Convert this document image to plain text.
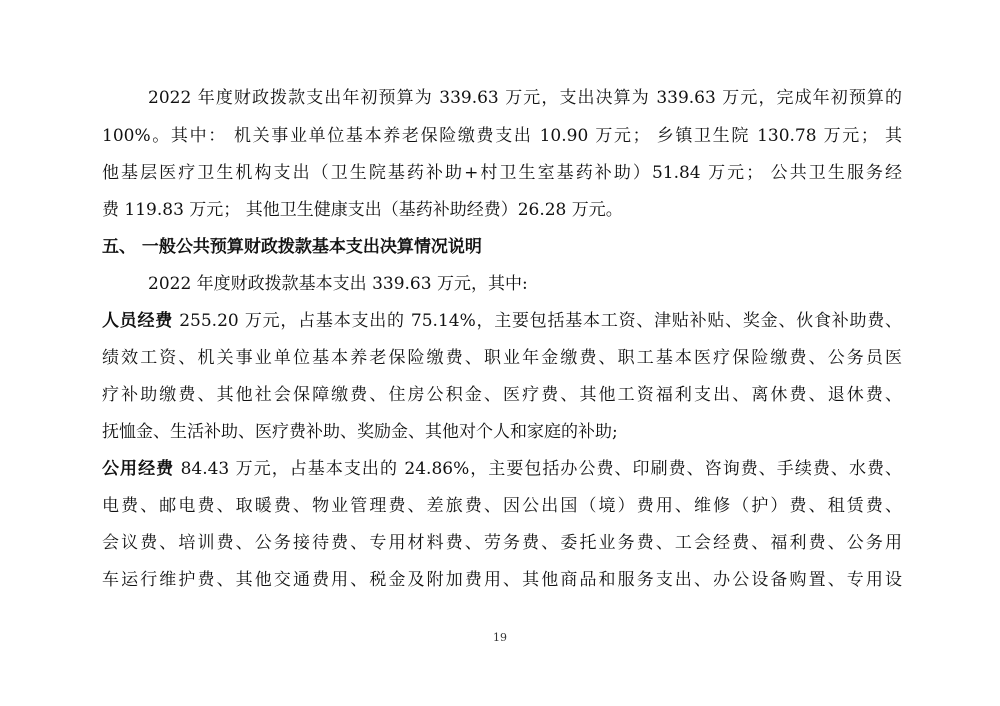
2022 年度财政拨款支出年初预算为 339.63 万元，支出决算为 339.63 万元，完成年初预算的
100%。其中： 机关事业单位基本养老保险缴费支出 10.90 万元； 乡镇卫生院 130.78 万元； 其
他基层医疗卫生机构支出（卫生院基药补助+村卫生室基药补助）51.84 万元； 公共卫生服务经
费 119.83 万元； 其他卫生健康支出（基药补助经费）26.28 万元。
五、 一般公共预算财政拨款基本支出决算情况说明
2022 年度财政拨款基本支出 339.63 万元，其中:
人员经费 255.20 万元，占基本支出的 75.14%，主要包括基本工资、津贴补贴、奖金、伙食补助费、
绩效工资、机关事业单位基本养老保险缴费、职业年金缴费、职工基本医疗保险缴费、公务员医
疗补助缴费、其他社会保障缴费、住房公积金、医疗费、其他工资福利支出、离休费、退休费、
抚恤金、生活补助、医疗费补助、奖励金、其他对个人和家庭的补助;
公用经费 84.43 万元，占基本支出的 24.86%，主要包括办公费、印刷费、咨询费、手续费、水费、
电费、邮电费、取暖费、物业管理费、差旅费、因公出国（境）费用、维修（护）费、租赁费、
会议费、培训费、公务接待费、专用材料费、劳务费、委托业务费、工会经费、福利费、公务用
车运行维护费、其他交通费用、税金及附加费用、其他商品和服务支出、办公设备购置、专用设
19
